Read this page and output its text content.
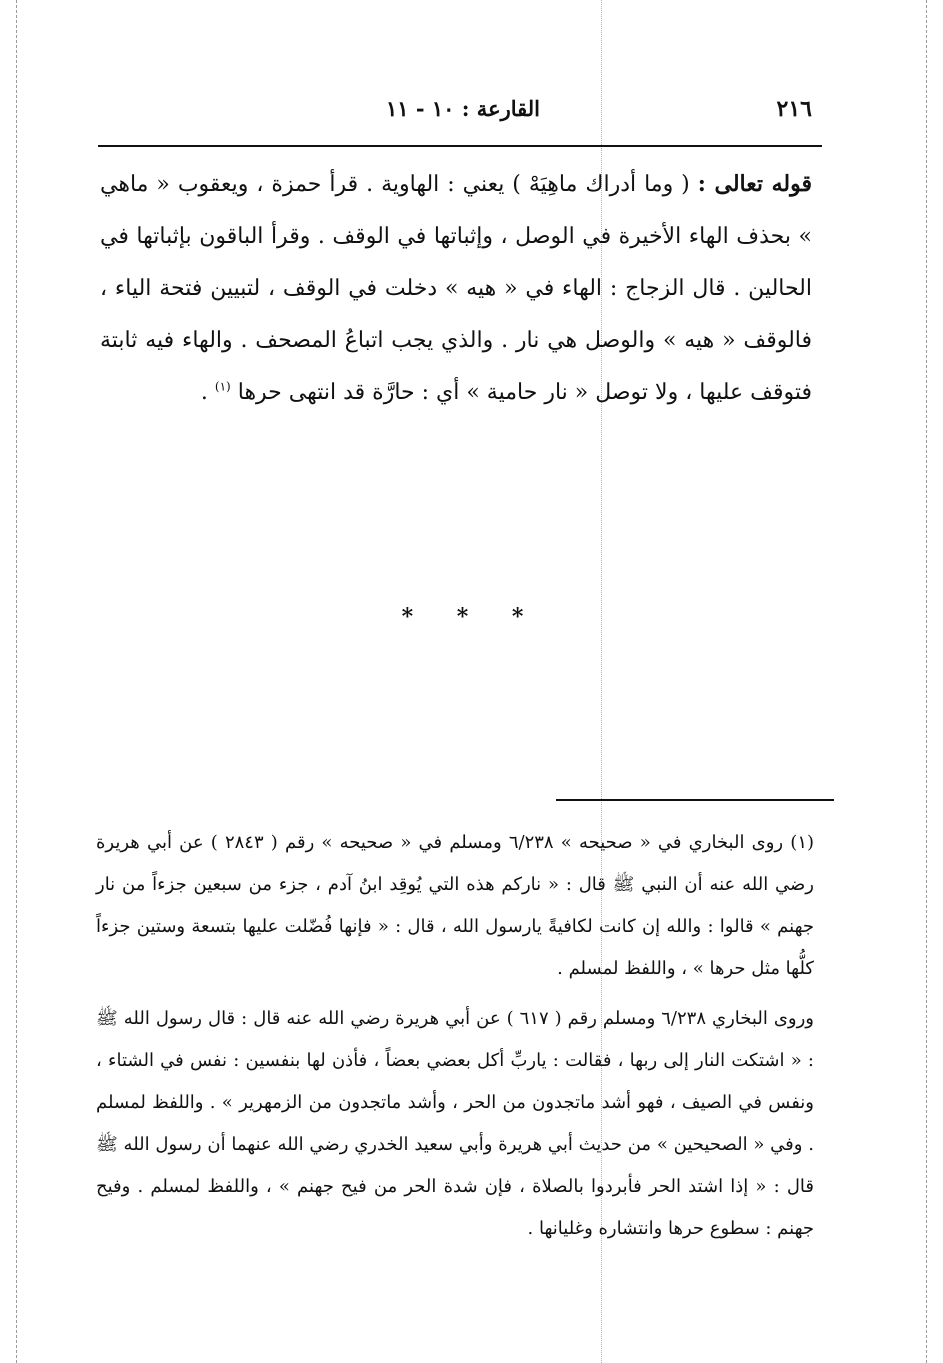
٢١٦
القارعة : ١٠ - ١١

قوله تعالى : ( وما أدراك ماهِيَهْ ) يعني : الهاوية . قرأ حمزة ، ويعقوب « ماهي » بحذف الهاء الأخيرة في الوصل ، وإثباتها في الوقف . وقرأ الباقون بإثباتها في الحالين . قال الزجاج : الهاء في « هيه » دخلت في الوقف ، لتبيين فتحة الياء ، فالوقف « هيه » والوصل هي نار . والذي يجب اتباعُ المصحف . والهاء فيه ثابتة فتوقف عليها ، ولا توصل « نار حامية » أي : حارَّة قد انتهى حرها $^{(١)}$ .

* * *

(١) روى البخاري في « صحيحه » ٦/٢٣٨ ومسلم في « صحيحه » رقم ( ٢٨٤٣ ) عن أبي هريرة رضي الله عنه أن النبي ﷺ قال : « ناركم هذه التي يُوقِد ابنُ آدم ، جزء من سبعين جزءاً من نار جهنم » قالوا : والله إن كانت لكافيةً يارسول الله ، قال : « فإنها فُضّلت عليها بتسعة وستين جزءاً كلُّها مثل حرها » ، واللفظ لمسلم .

وروى البخاري ٦/٢٣٨ ومسلم رقم ( ٦١٧ ) عن أبي هريرة رضي الله عنه قال : قال رسول الله ﷺ : « اشتكت النار إلى ربها ، فقالت : ياربِّ أكل بعضي بعضاً ، فأذن لها بنفسين : نفس في الشتاء ، ونفس في الصيف ، فهو أشد ماتجدون من الحر ، وأشد ماتجدون من الزمهرير » . واللفظ لمسلم . وفي « الصحيحين » من حديث أبي هريرة وأبي سعيد الخدري رضي الله عنهما أن رسول الله ﷺ قال : « إذا اشتد الحر فأبردوا بالصلاة ، فإن شدة الحر من فيح جهنم » ، واللفظ لمسلم . وفيح جهنم : سطوع حرها وانتشاره وغليانها .
